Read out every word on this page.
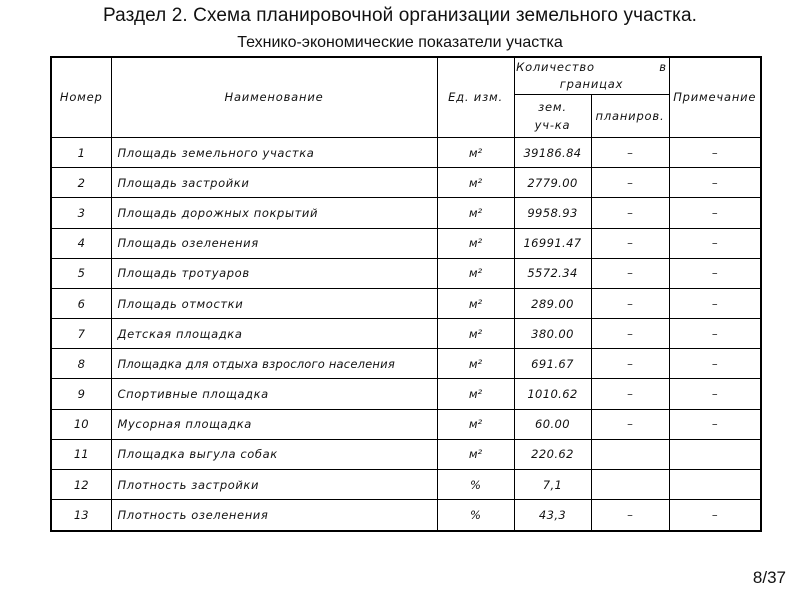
Раздел 2. Схема планировочной организации земельного участка.
Технико-экономические показатели участка
Номер	Наименование	Ед. изм.	Количество в границах		Примечание
			зем. уч-ка	планиров.	
1	Площадь земельного участка	м²	39186.84	–	–
2	Площадь застройки	м²	2779.00	–	–
3	Площадь дорожных покрытий	м²	9958.93	–	–
4	Площадь озеленения	м²	16991.47	–	–
5	Площадь тротуаров	м²	5572.34	–	–
6	Площадь отмостки	м²	289.00	–	–
7	Детская площадка	м²	380.00	–	–
8	Площадка для отдыха взрослого населения	м²	691.67	–	–
9	Спортивные площадка	м²	1010.62	–	–
10	Мусорная площадка	м²	60.00	–	–
11	Площадка выгула собак	м²	220.62		
12	Плотность застройки	%	7,1		
13	Плотность озеленения	%	43,3	–	–
8/37
